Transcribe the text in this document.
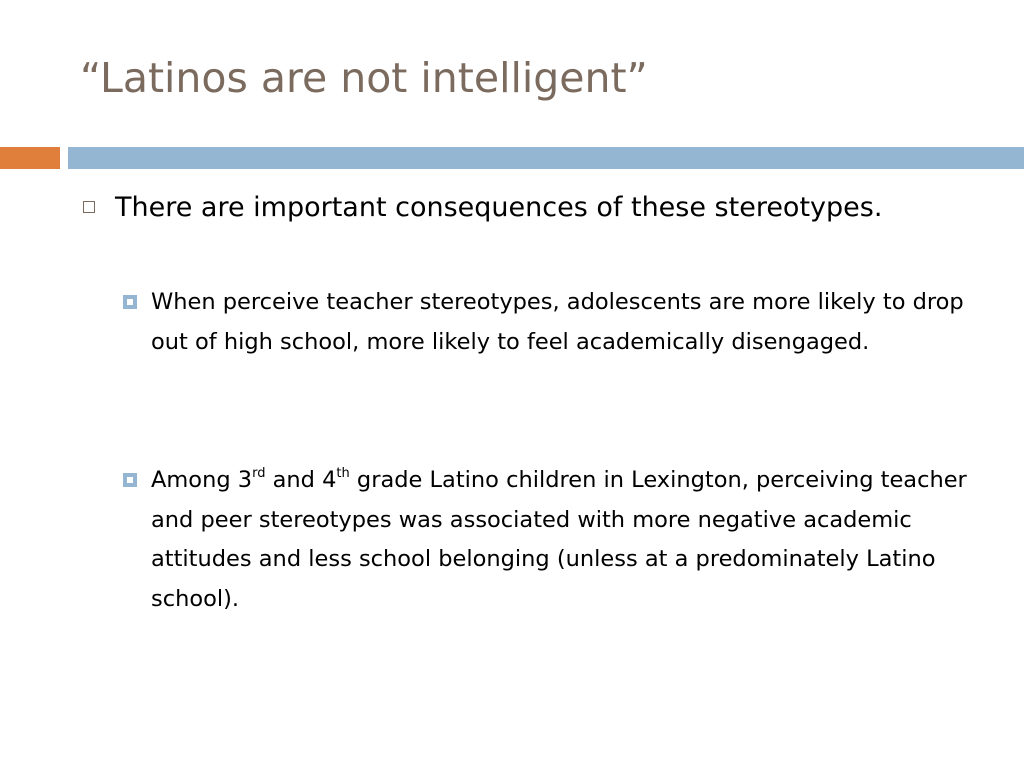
“Latinos are not intelligent”

There are important consequences of these stereotypes.

When perceive teacher stereotypes, adolescents are more likely to drop out of high school, more likely to feel academically disengaged.

Among 3rd and 4th grade Latino children in Lexington, perceiving teacher and peer stereotypes was associated with more negative academic attitudes and less school belonging (unless at a predominately Latino school).
